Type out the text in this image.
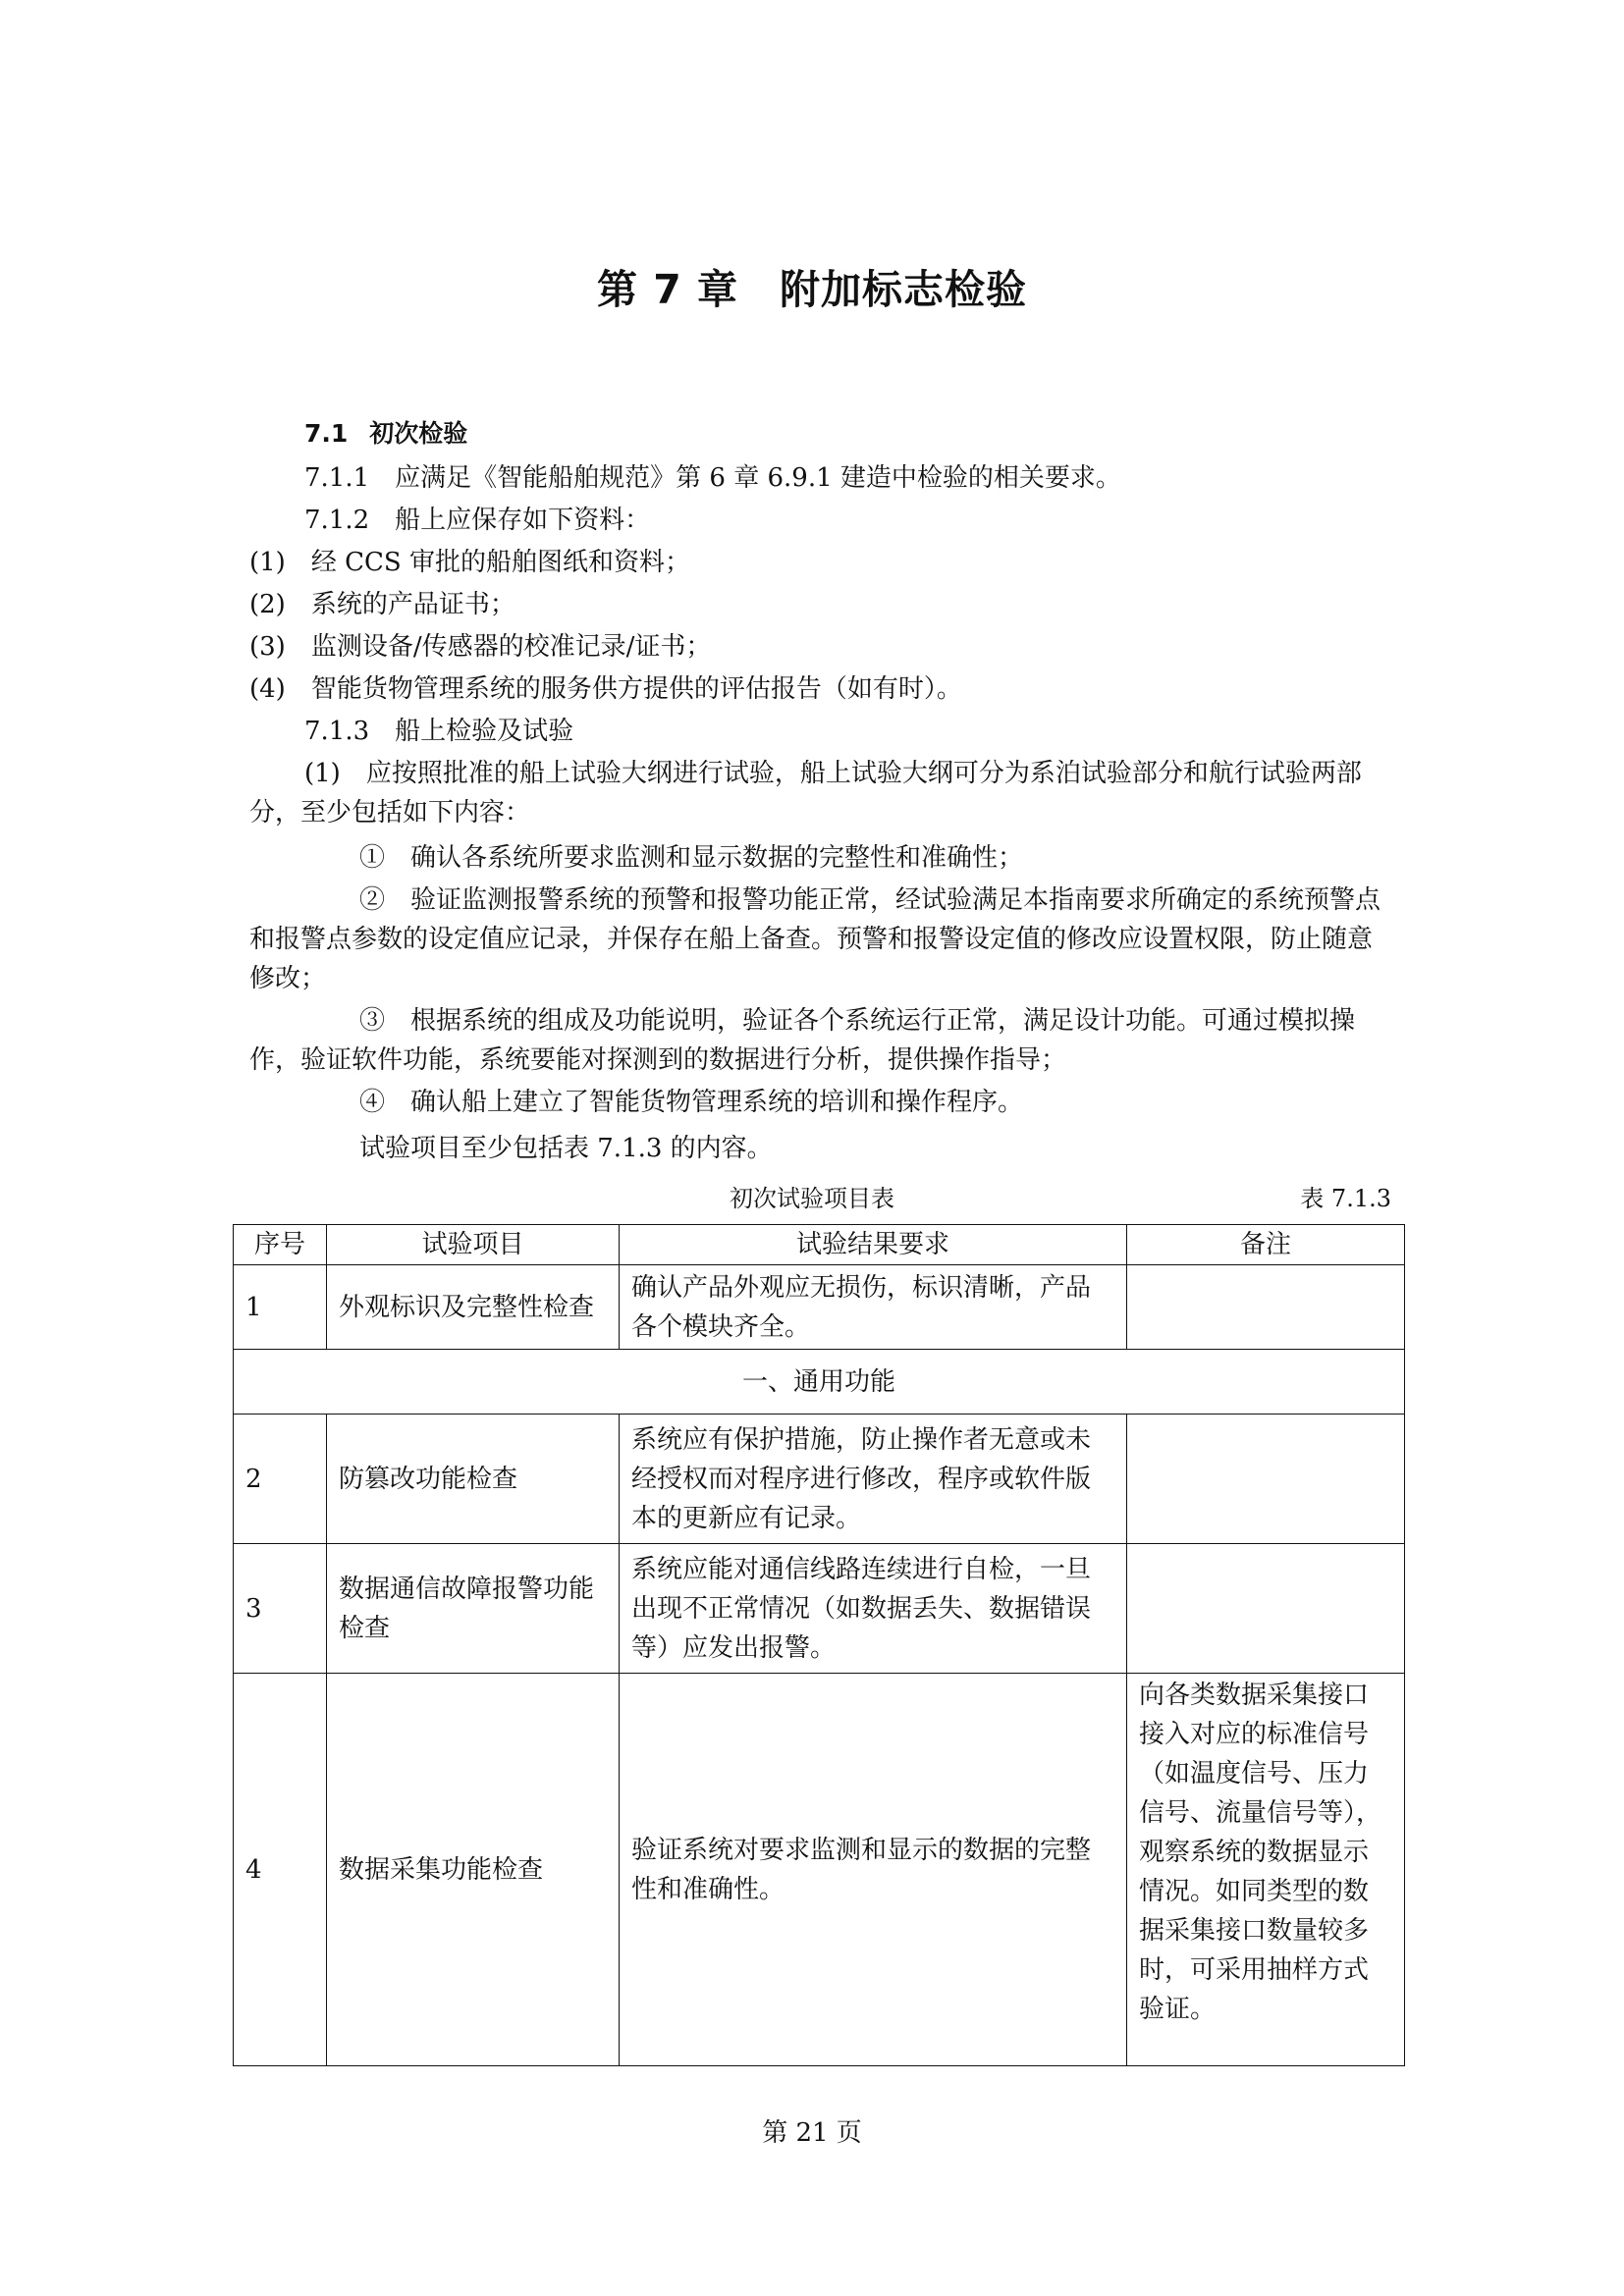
第 7 章　附加标志检验
7.1 初次检验
7.1.1　应满足《智能船舶规范》第 6 章 6.9.1 建造中检验的相关要求。
7.1.2　船上应保存如下资料：
(1)　经 CCS 审批的船舶图纸和资料；
(2)　系统的产品证书；
(3)　监测设备/传感器的校准记录/证书；
(4)　智能货物管理系统的服务供方提供的评估报告（如有时）。
7.1.3　船上检验及试验

(1)　应按照批准的船上试验大纲进行试验，船上试验大纲可分为系泊试验部分和航行试验两部分，至少包括如下内容：

①　确认各系统所要求监测和显示数据的完整性和准确性；

②　验证监测报警系统的预警和报警功能正常，经试验满足本指南要求所确定的系统预警点和报警点参数的设定值应记录，并保存在船上备查。预警和报警设定值的修改应设置权限，防止随意修改；

③　根据系统的组成及功能说明，验证各个系统运行正常，满足设计功能。可通过模拟操作，验证软件功能，系统要能对探测到的数据进行分析，提供操作指导；

④　确认船上建立了智能货物管理系统的培训和操作程序。

试验项目至少包括表 7.1.3 的内容。
初次试验项目表	表 7.1.3
序号	试验项目	试验结果要求	备注
1	外观标识及完整性检查	确认产品外观应无损伤，标识清晰，产品各个模块齐全。	
一、通用功能			
2	防篡改功能检查	系统应有保护措施，防止操作者无意或未经授权而对程序进行修改，程序或软件版本的更新应有记录。	
3	数据通信故障报警功能检查	系统应能对通信线路连续进行自检，一旦出现不正常情况（如数据丢失、数据错误等）应发出报警。	
4	数据采集功能检查	验证系统对要求监测和显示的数据的完整性和准确性。	向各类数据采集接口接入对应的标准信号（如温度信号、压力信号、流量信号等），观察系统的数据显示情况。如同类型的数据采集接口数量较多时，可采用抽样方式验证。
第 21 页
